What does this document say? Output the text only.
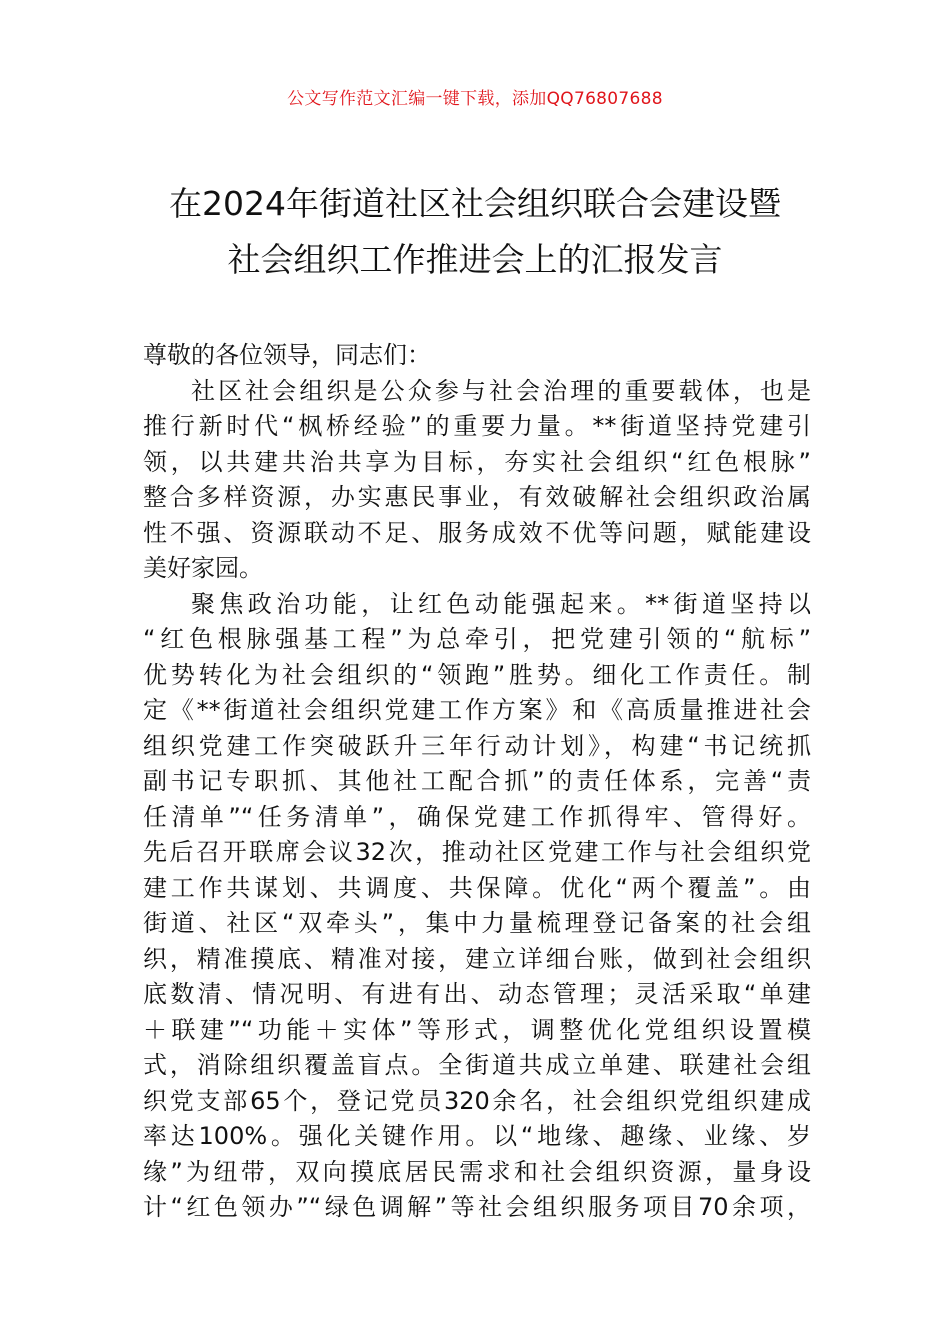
公文写作范文汇编一键下载，添加QQ76807688
在2024年街道社区社会组织联合会建设暨
社会组织工作推进会上的汇报发言
尊敬的各位领导，同志们：
社区社会组织是公众参与社会治理的重要载体，也是
推行新时代“枫桥经验”的重要力量。**街道坚持党建引
领，以共建共治共享为目标，夯实社会组织“红色根脉”
整合多样资源，办实惠民事业，有效破解社会组织政治属
性不强、资源联动不足、服务成效不优等问题，赋能建设
美好家园。
聚焦政治功能，让红色动能强起来。**街道坚持以
“红色根脉强基工程”为总牵引，把党建引领的“航标”
优势转化为社会组织的“领跑”胜势。细化工作责任。制
定《**街道社会组织党建工作方案》和《高质量推进社会
组织党建工作突破跃升三年行动计划》，构建“书记统抓
副书记专职抓、其他社工配合抓”的责任体系，完善“责
任清单”“任务清单”，确保党建工作抓得牢、管得好。
先后召开联席会议32次，推动社区党建工作与社会组织党
建工作共谋划、共调度、共保障。优化“两个覆盖”。由
街道、社区“双牵头”，集中力量梳理登记备案的社会组
织，精准摸底、精准对接，建立详细台账，做到社会组织
底数清、情况明、有进有出、动态管理；灵活采取“单建
＋联建”“功能＋实体”等形式，调整优化党组织设置模
式，消除组织覆盖盲点。全街道共成立单建、联建社会组
织党支部65个，登记党员320余名，社会组织党组织建成
率达100%。强化关键作用。以“地缘、趣缘、业缘、岁
缘”为纽带，双向摸底居民需求和社会组织资源，量身设
计“红色领办”“绿色调解”等社会组织服务项目70余项，
